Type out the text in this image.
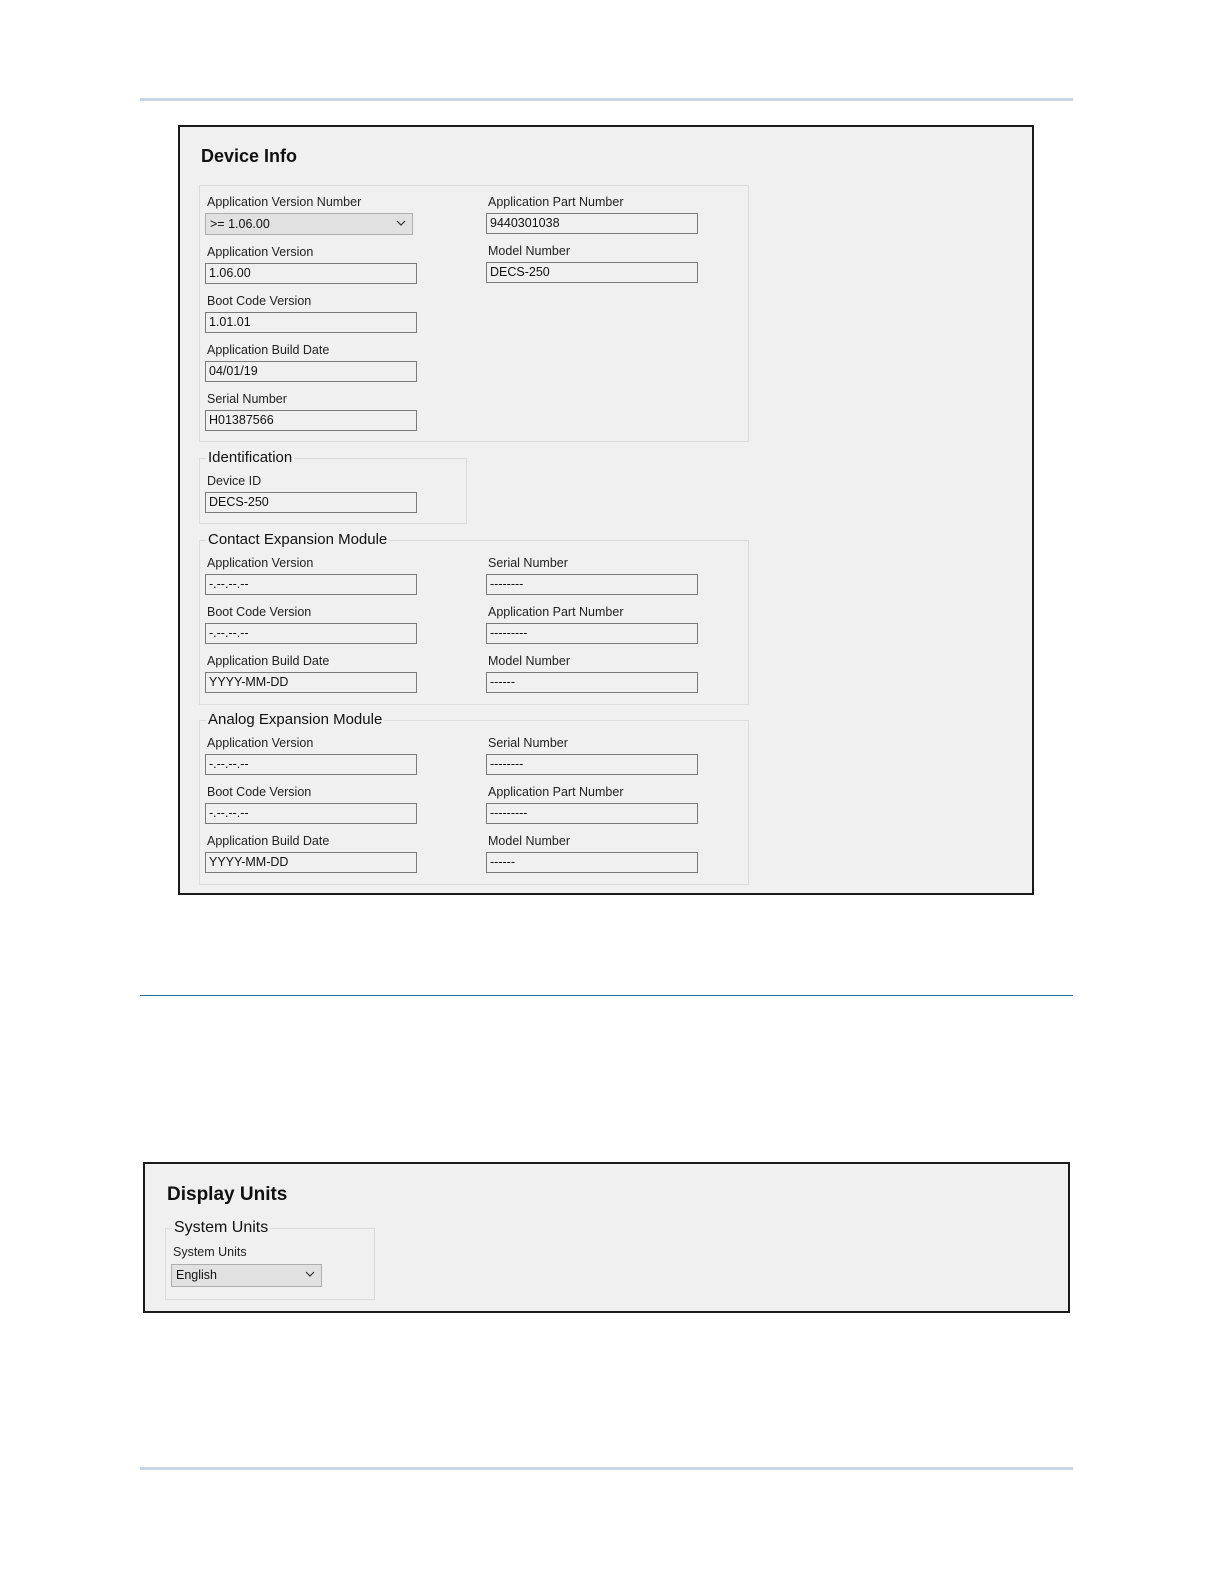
Device Info
Application Version Number
>= 1.06.00
Application Part Number
9440301038
Application Version
1.06.00
Model Number
DECS-250
Boot Code Version
1.01.01
Application Build Date
04/01/19
Serial Number
H01387566
Identification
Device ID
DECS-250
Contact Expansion Module
Application Version
-.--.--.--
Serial Number
--------
Boot Code Version
-.--.--.--
Application Part Number
---------
Application Build Date
YYYY-MM-DD
Model Number
------
Analog Expansion Module
Application Version
-.--.--.--
Serial Number
--------
Boot Code Version
-.--.--.--
Application Part Number
---------
Application Build Date
YYYY-MM-DD
Model Number
------
Display Units
System Units
System Units
English
